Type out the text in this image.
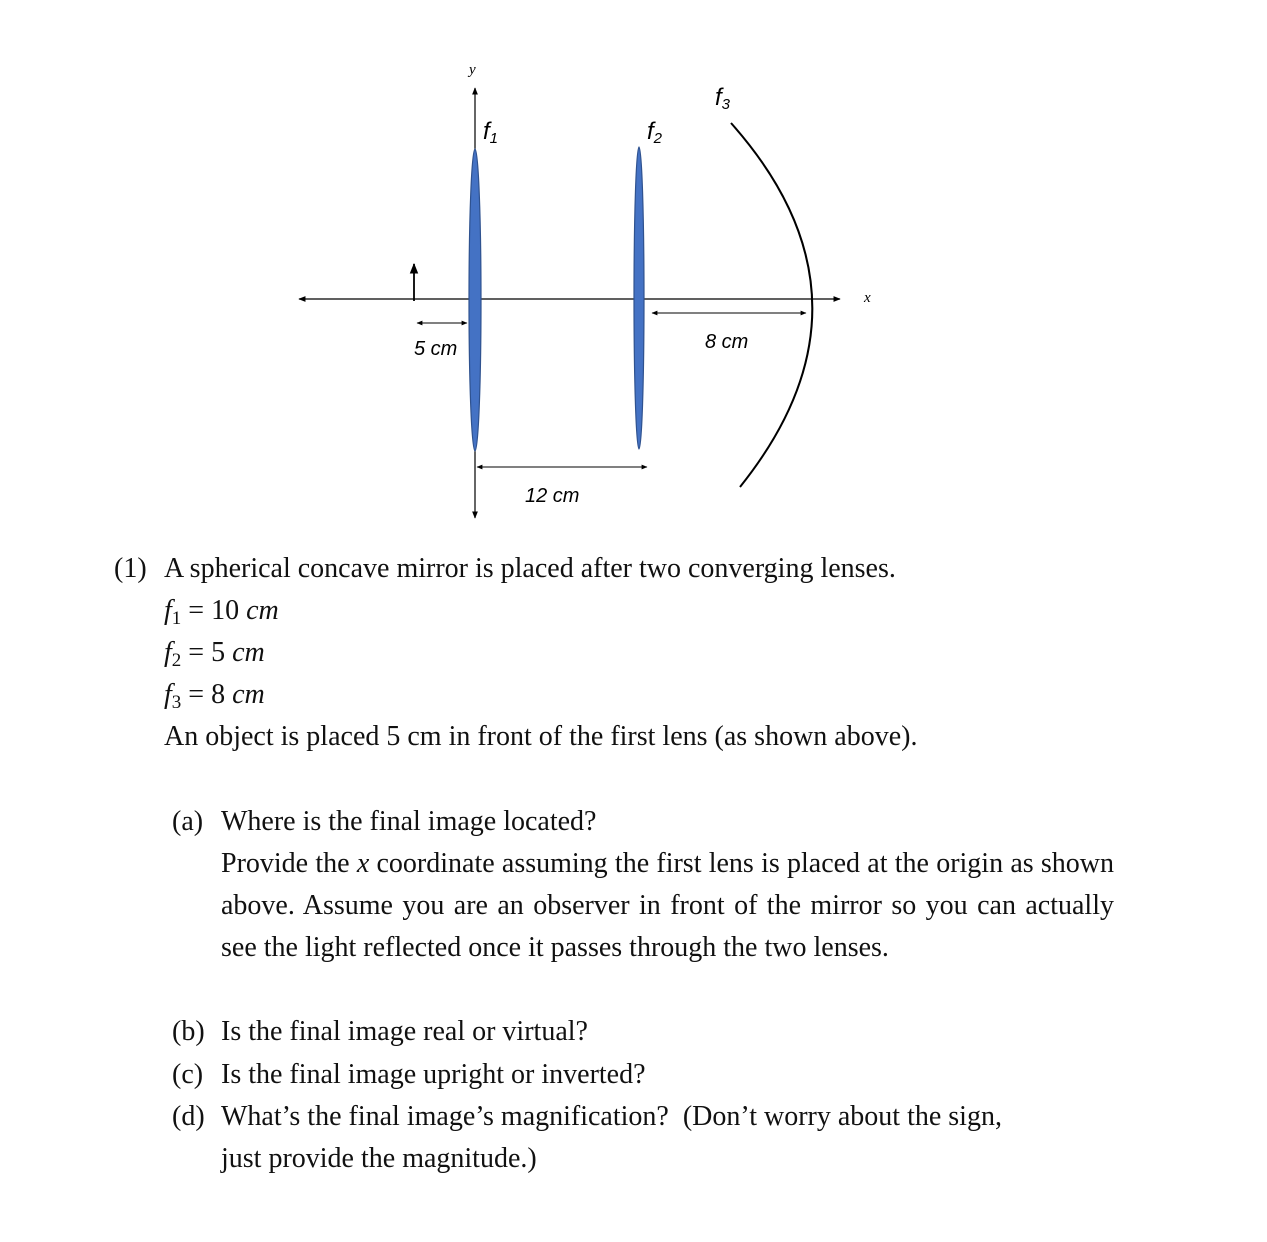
x
y
f1	f2
f3
5 cm
12 cm
8 cm
(1) A spherical concave mirror is placed after two converging lenses.
$f_1 = 10$ cm
$f_2 = 5$ cm
$f_3 = 8$ cm
An object is placed 5 cm in front of the first lens (as shown above).
(a) Where is the final image located?
(b) Is the final image real or virtual?
(c) Is the final image upright or inverted?
(d) What’s the final image’s magnification?  (Don’t worry about the sign,
just provide the magnitude.)
Provide the x coordinate assuming the first lens is placed at the origin as shown above. Assume you are an observer in front of the mirror so you can actually see the light reflected once it passes through the two lenses.
